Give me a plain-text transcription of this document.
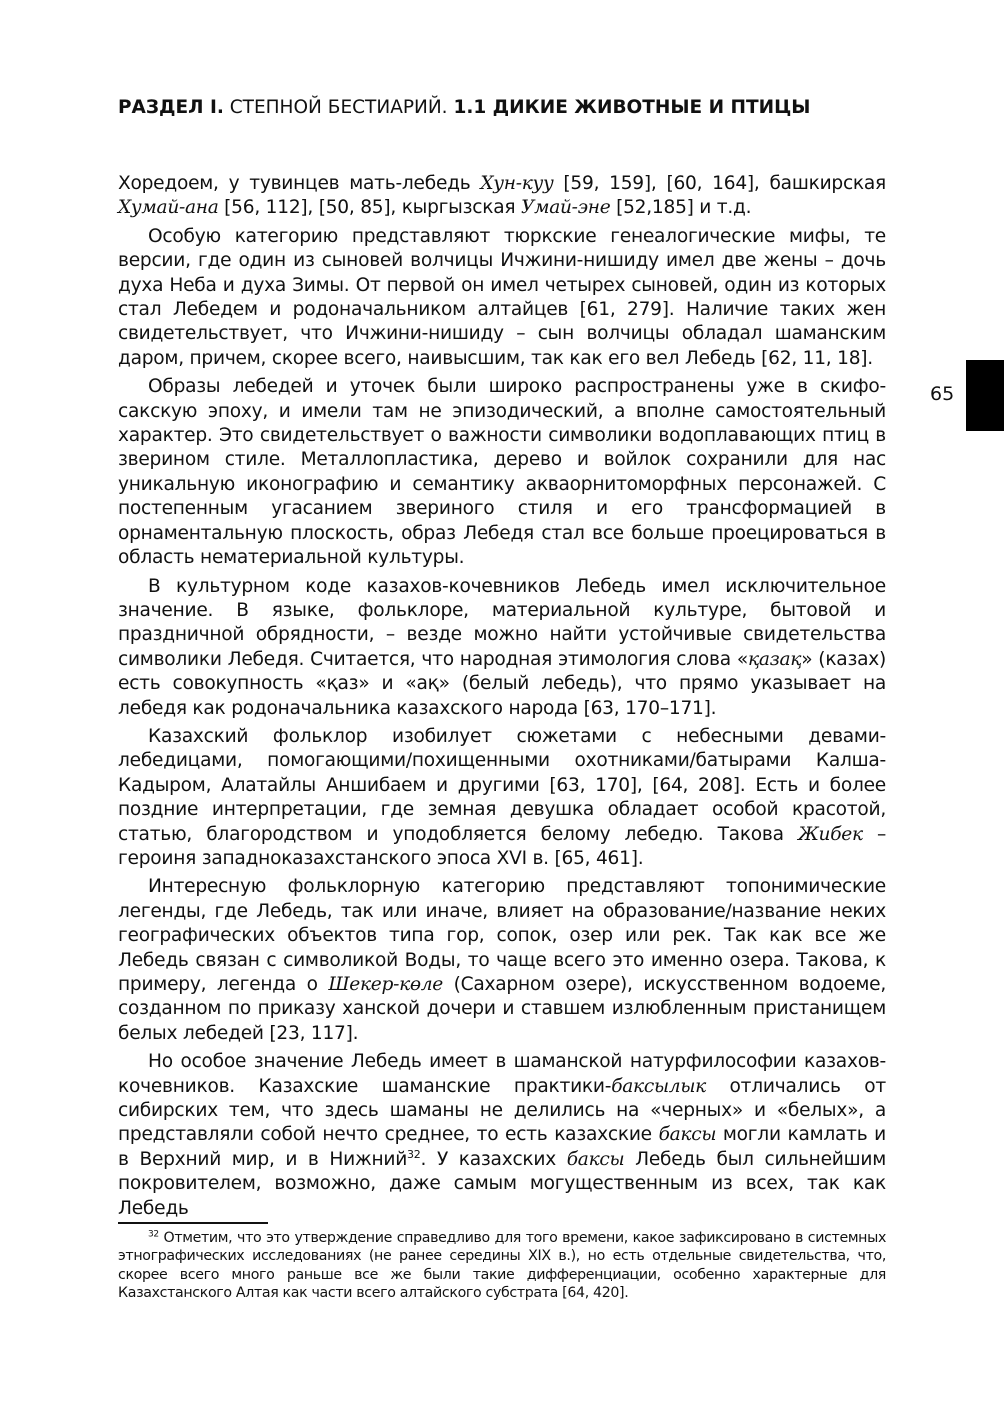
РАЗДЕЛ I. СТЕПНОЙ БЕСТИАРИЙ. 1.1 ДИКИЕ ЖИВОТНЫЕ И ПТИЦЫ

Хоредоем, у тувинцев мать-лебедь Хун-куу [59, 159], [60, 164], башкирская Хумай-ана [56, 112], [50, 85], кыргызская Умай-эне [52,185] и т.д.

Особую категорию представляют тюркские генеалогические мифы, те версии, где один из сыновей волчицы Ичжини-нишиду имел две жены – дочь духа Неба и духа Зимы. От первой он имел четырех сыновей, один из которых стал Лебедем и родоначальником алтайцев [61, 279]. Наличие таких жен свидетельствует, что Ичжини-нишиду – сын волчицы обладал шаманским даром, причем, скорее всего, наивысшим, так как его вел Лебедь [62, 11, 18].

Образы лебедей и уточек были широко распространены уже в скифо-сакскую эпоху, и имели там не эпизодический, а вполне самостоятельный характер. Это свидетельствует о важности символики водоплавающих птиц в зверином стиле. Металлопластика, дерево и войлок сохранили для нас уникальную иконографию и семантику акваорнитоморфных персонажей. С постепенным угасанием звериного стиля и его трансформацией в орнаментальную плоскость, образ Лебедя стал все больше проецироваться в область нематериальной культуры.

В культурном коде казахов-кочевников Лебедь имел исключительное значение. В языке, фольклоре, материальной культуре, бытовой и праздничной обрядности, – везде можно найти устойчивые свидетельства символики Лебедя. Считается, что народная этимология слова «қазақ» (казах) есть совокупность «қаз» и «ақ» (белый лебедь), что прямо указывает на лебедя как родоначальника казахского народа [63, 170–171].

Казахский фольклор изобилует сюжетами с небесными девами-лебедицами, помогающими/похищенными охотниками/батырами Калша-Кадыром, Алатайлы Аншибаем и другими [63, 170], [64, 208]. Есть и более поздние интерпретации, где земная девушка обладает особой красотой, статью, благородством и уподобляется белому лебедю. Такова Жибек – героиня западноказахстанского эпоса XVI в. [65, 461].

Интересную фольклорную категорию представляют топонимические легенды, где Лебедь, так или иначе, влияет на образование/название неких географических объектов типа гор, сопок, озер или рек. Так как все же Лебедь связан с символикой Воды, то чаще всего это именно озера. Такова, к примеру, легенда о Шекер-көле (Сахарном озере), искусственном водоеме, созданном по приказу ханской дочери и ставшем излюбленным пристанищем белых лебедей [23, 117].

Но особое значение Лебедь имеет в шаманской натурфилософии казахов-кочевников. Казахские шаманские практики-баксылык отличались от сибирских тем, что здесь шаманы не делились на «черных» и «белых», а представляли собой нечто среднее, то есть казахские баксы могли камлать и в Верхний мир, и в Нижний$^{32}$. У казахских баксы Лебедь был сильнейшим покровителем, возможно, даже самым могущественным из всех, так как Лебедь

65

$^{32}$ Отметим, что это утверждение справедливо для того времени, какое зафиксировано в системных этнографических исследованиях (не ранее середины XIX в.), но есть отдельные свидетельства, что, скорее всего много раньше все же были такие дифференциации, особенно характерные для Казахстанского Алтая как части всего алтайского субстрата [64, 420].
